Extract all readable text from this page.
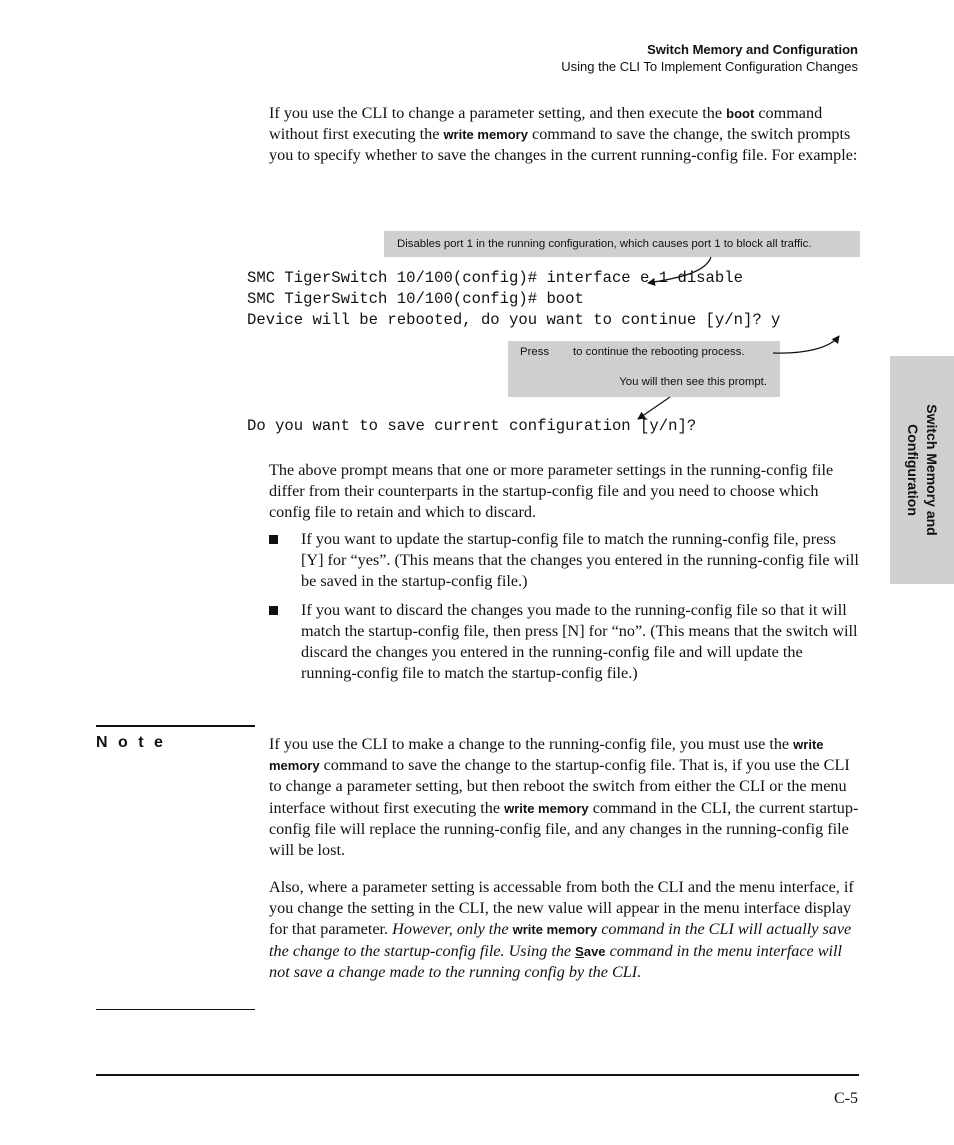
Switch Memory and Configuration
Using the CLI To Implement Configuration Changes

If you use the CLI to change a parameter setting, and then execute the boot command without first executing the write memory command to save the change, the switch prompts you to specify whether to save the changes in the current running-config file. For example:

Disables port 1 in the running configuration, which causes port 1 to block all traffic.
SMC TigerSwitch 10/100(config)# interface e 1 disable
SMC TigerSwitch 10/100(config)# boot
Device will be rebooted, do you want to continue [y/n]? y
Press to continue the rebooting process.
You will then see this prompt.
Do you want to save current configuration [y/n]?

The above prompt means that one or more parameter settings in the running-config file differ from their counterparts in the startup-config file and you need to choose which config file to retain and which to discard.

If you want to update the startup-config file to match the running-config file, press [Y] for “yes”. (This means that the changes you entered in the running-config file will be saved in the startup-config file.)
If you want to discard the changes you made to the running-config file so that it will match the startup-config file, then press [N] for “no”. (This means that the switch will discard the changes you entered in the running-config file and will update the running-config file to match the startup-config file.)
N o t e	If you use the CLI to make a change to the running-config file, you must use the write memory command to save the change to the startup-config file. That is, if you use the CLI to change a parameter setting, but then reboot the switch from either the CLI or the menu interface without first executing the write memory command in the CLI, the current startup-config file will replace the running-config file, and any changes in the running-config file will be lost.

Also, where a parameter setting is accessable from both the CLI and the menu interface, if you change the setting in the CLI, the new value will appear in the menu interface display for that parameter. However, only the write memory command in the CLI will actually save the change to the startup-config file. Using the Save command in the menu interface will not save a change made to the running config by the CLI.

Switch Memory and
Configuration
C-5
